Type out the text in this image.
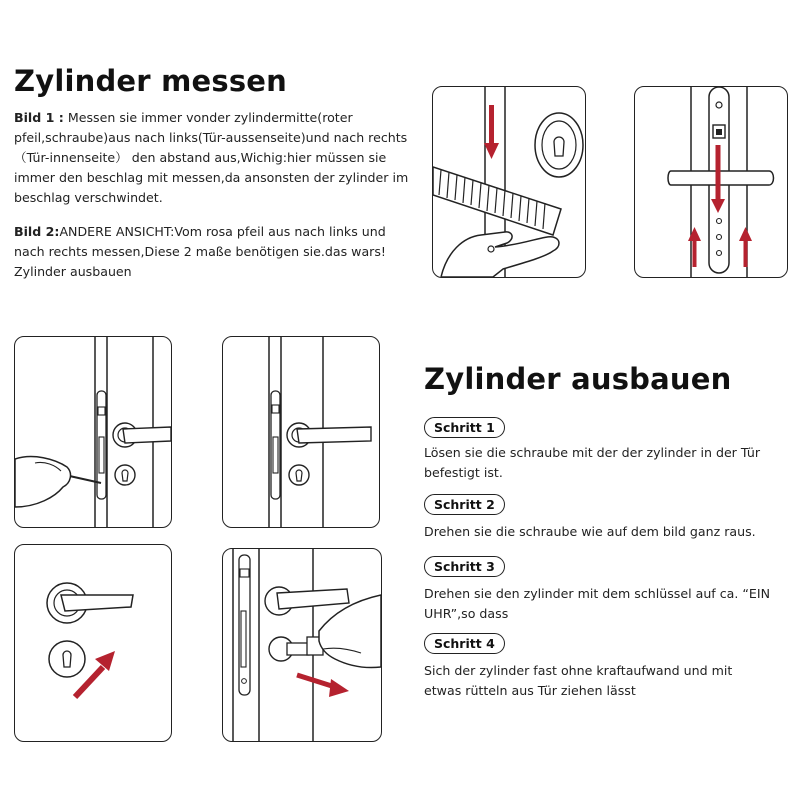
Zylinder messen
Bild 1 : Messen sie immer vonder zylindermitte(roter pfeil,schraube)aus nach links(Tür-aussenseite)und nach rechts （Tür-innenseite） den abstand aus,Wichig:hier müssen sie immer den beschlag mit messen,da ansonsten der zylinder im beschlag verschwindet.
Bild 2:ANDERE ANSICHT:Vom rosa pfeil aus nach links und nach rechts messen,Diese 2 maße benötigen sie.das wars! Zylinder ausbauen
Zylinder ausbauen
Schritt 1
Lösen sie die schraube mit der der zylinder in der Tür befestigt ist.
Schritt 2
Drehen sie die schraube wie auf dem bild ganz raus.
Schritt 3
Drehen sie den zylinder mit dem schlüssel auf ca. “EIN UHR”,so dass
Schritt 4
Sich der zylinder fast ohne kraftaufwand und mit etwas rütteln aus Tür ziehen lässt
